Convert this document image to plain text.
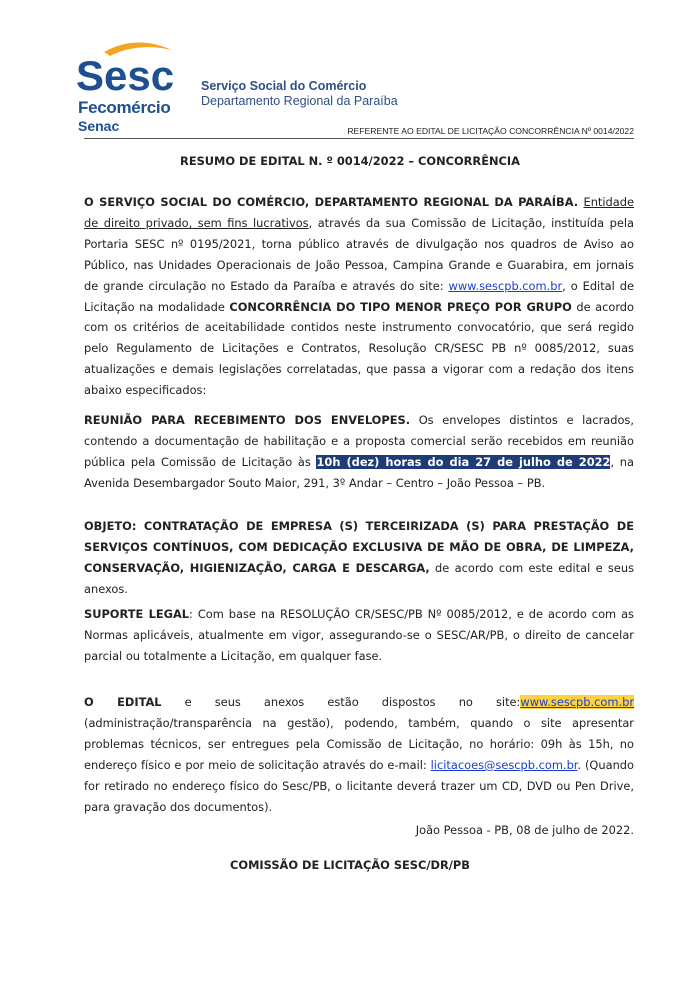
Sesc
Fecomércio
Senac
Serviço Social do Comércio
Departamento Regional da Paraíba
REFERENTE AO EDITAL DE LICITAÇÃO CONCORRÊNCIA Nº 0014/2022
RESUMO DE EDITAL N. º 0014/2022 – CONCORRÊNCIA
O SERVIÇO SOCIAL DO COMÉRCIO, DEPARTAMENTO REGIONAL DA PARAÍBA. Entidade de direito privado, sem fins lucrativos, através da sua Comissão de Licitação, instituída pela Portaria SESC nº 0195/2021, torna público através de divulgação nos quadros de Aviso ao Público, nas Unidades Operacionais de João Pessoa, Campina Grande e Guarabira, em jornais de grande circulação no Estado da Paraíba e através do site: www.sescpb.com.br, o Edital de Licitação na modalidade CONCORRÊNCIA DO TIPO MENOR PREÇO POR GRUPO de acordo com os critérios de aceitabilidade contidos neste instrumento convocatório, que será regido pelo Regulamento de Licitações e Contratos, Resolução CR/SESC PB nº 0085/2012, suas atualizações e demais legislações correlatadas, que passa a vigorar com a redação dos itens abaixo especificados:
REUNIÃO PARA RECEBIMENTO DOS ENVELOPES. Os envelopes distintos e lacrados, contendo a documentação de habilitação e a proposta comercial serão recebidos em reunião pública pela Comissão de Licitação às 10h (dez) horas do dia 27 de julho de 2022, na Avenida Desembargador Souto Maior, 291, 3º Andar – Centro – João Pessoa – PB.
OBJETO: CONTRATAÇÃO DE EMPRESA (S) TERCEIRIZADA (S) PARA PRESTAÇÃO DE SERVIÇOS CONTÍNUOS, COM DEDICAÇÃO EXCLUSIVA DE MÃO DE OBRA, DE LIMPEZA, CONSERVAÇÃO, HIGIENIZAÇÃO, CARGA E DESCARGA, de acordo com este edital e seus anexos.
SUPORTE LEGAL: Com base na RESOLUÇÃO CR/SESC/PB Nº 0085/2012, e de acordo com as Normas aplicáveis, atualmente em vigor, assegurando-se o SESC/AR/PB, o direito de cancelar parcial ou totalmente a Licitação, em qualquer fase.
O EDITAL e seus anexos estão dispostos no site:www.sescpb.com.br (administração/transparência na gestão), podendo, também, quando o site apresentar problemas técnicos, ser entregues pela Comissão de Licitação, no horário: 09h às 15h, no endereço físico e por meio de solicitação através do e-mail: licitacoes@sescpb.com.br. (Quando for retirado no endereço físico do Sesc/PB, o licitante deverá trazer um CD, DVD ou Pen Drive, para gravação dos documentos).
João Pessoa - PB, 08 de julho de 2022.
COMISSÃO DE LICITAÇÃO SESC/DR/PB
